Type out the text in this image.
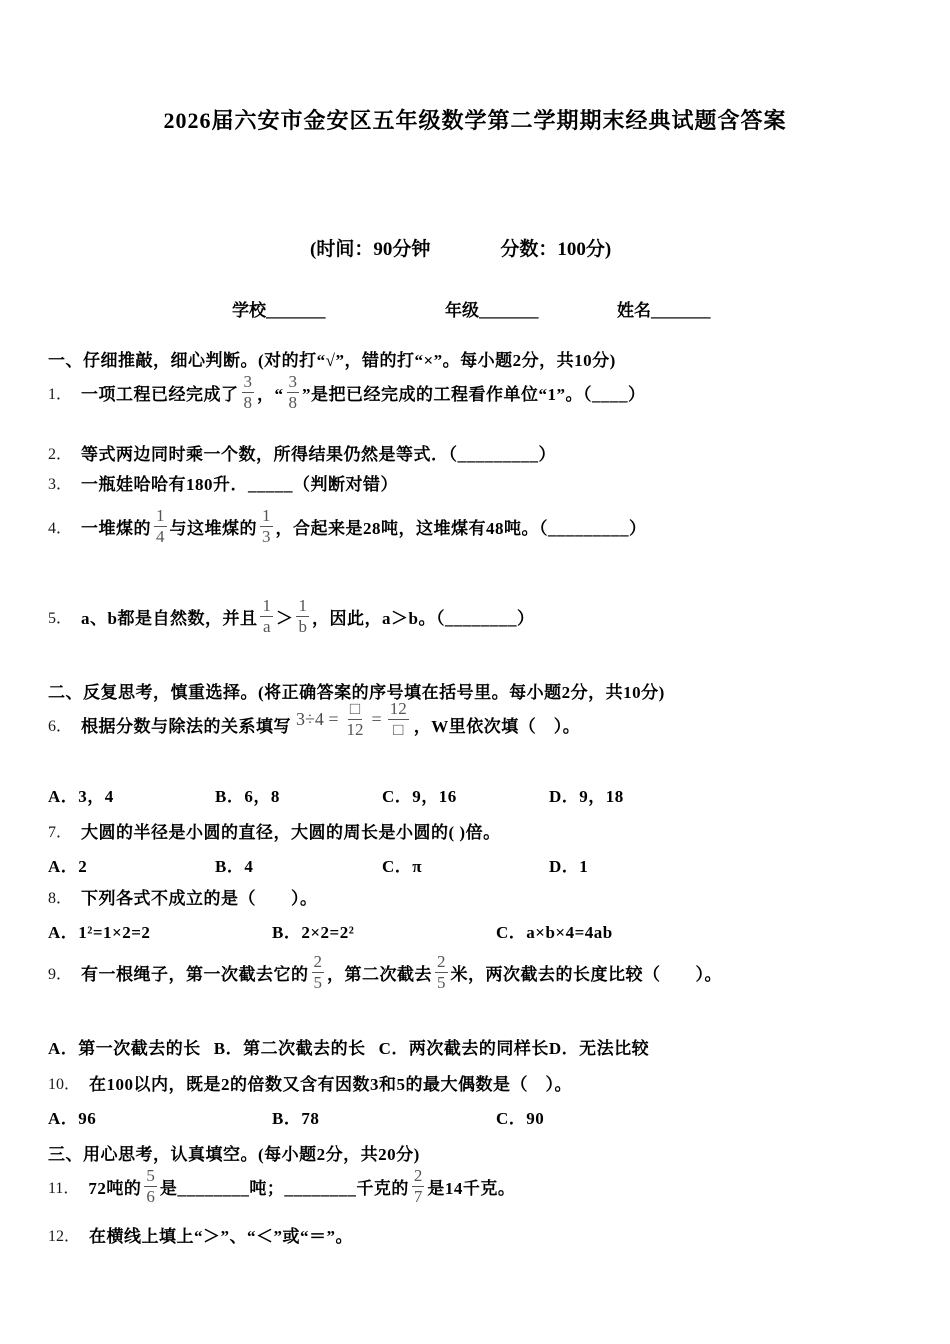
2026届六安市金安区五年级数学第二学期期末经典试题含答案
(时间：90分钟	分数：100分)
学校_______	年级_______	姓名_______
一、仔细推敲，细心判断。(对的打“√”，错的打“×”。每小题2分，共10分)
1． 一项工程已经完成了 $\frac{3}{8}$ ，“ $\frac{3}{8}$ ”是把已经完成的工程看作单位“1”。（____）
2． 等式两边同时乘一个数，所得结果仍然是等式．（_________）
3． 一瓶娃哈哈有180升．_____（判断对错）
4． 一堆煤的 $\frac{1}{4}$ 与这堆煤的 $\frac{1}{3}$ ，合起来是28吨，这堆煤有48吨。（_________）
5． a、b都是自然数，并且 $\frac{1}{a} > \frac{1}{b}$ ，因此，a＞b。（________）
二、反复思考，慎重选择。(将正确答案的序号填在括号里。每小题2分，共10分)
6． 根据分数与除法的关系填写 $3\div 4 = \frac{□}{12} = \frac{12}{□}$ ，W里依次填（　）。
A．3，4	B．6，8	C．9，16	D．9，18
7． 大圆的半径是小圆的直径，大圆的周长是小圆的( )倍。
A．2	B．4	C．π	D．1
8． 下列各式不成立的是（　　）。
A．1²=1×2=2	B．2×2=2²	C．a×b×4=4ab
9． 有一根绳子，第一次截去它的 $\frac{2}{5}$ ，第二次截去 $\frac{2}{5}$ 米，两次截去的长度比较（　　）。
A．第一次截去的长 B．第二次截去的长 C．两次截去的同样长 D．无法比较
10． 在100以内，既是2的倍数又含有因数3和5的最大偶数是（　）。
A．96	B．78	C．90
三、用心思考，认真填空。(每小题2分，共20分)
11． 72吨的 $\frac{5}{6}$ 是________吨；________千克的 $\frac{2}{7}$ 是14千克。
12． 在横线上填上“＞”、“＜”或“＝”。
